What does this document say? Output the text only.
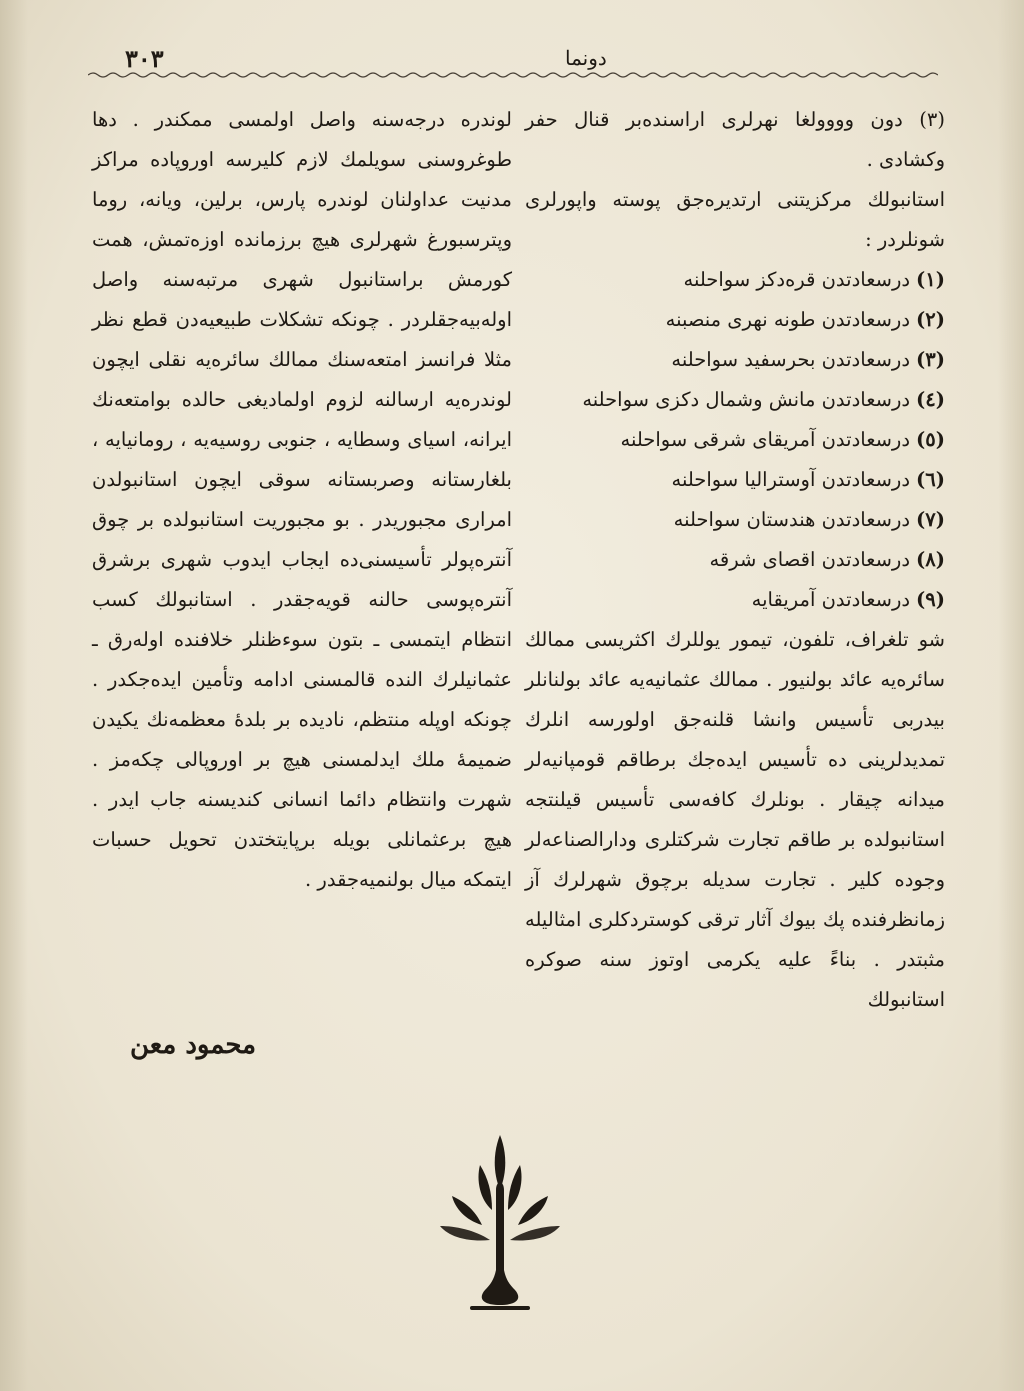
٣٠٣	دونما

(٣) دون وووولغا نهرلری اراسنده‌بر قنال حفر وكشادی .

استانبولك مركزيتنی ارتديره‌جق پوسته واپورلری شونلردر :

(١)درسعادتدن قره‌دكز سواحلنه

(٢)درسعادتدن طونه نهری منصبنه

(٣)درسعادتدن بحرسفيد سواحلنه

(٤)درسعادتدن مانش وشمال دكزی سواحلنه

(٥)درسعادتدن آمريقای شرقی سواحلنه

(٦)درسعادتدن آوستراليا سواحلنه

(٧)درسعادتدن هندستان سواحلنه

(٨)درسعادتدن اقصای شرقه

(٩)درسعادتدن آمريقايه

شو تلغراف، تلفون، تيمور يوللرك اكثريسی ممالك سائره‌يه عائد بولنيور . ممالك عثمانيه‌يه عائد بولنانلر بيدربی تأسيس وانشا قلنه‌جق اولورسه انلرك تمديدلرينی ده تأسيس ايده‌جك برطاقم قومپانيه‌لر ميدانه چيقار . بونلرك كافه‌سی تأسيس قيلنتجه استانبولده بر طاقم تجارت شركتلری ودارالصناعه‌لر وجوده كلير . تجارت سديله برچوق شهرلرك آز زمانظرفنده پك بيوك آثار ترقی كوستردكلری امثاليله مثبتدر . بناءً عليه يكرمی اوتوز سنه صوكره استانبولك

لوندره درجه‌سنه واصل اولمسی ممكندر . دها طوغروسنی سويلمك لازم كليرسه اوروپاده مراكز مدنيت عداولنان لوندره پارس، برلين، ويانه، روما وپترسبورغ شهرلری هيچ برزمانده اوزه‌تمش، همت كورمش براستانبول شهری مرتبه‌سنه واصل اوله‌بيه‌جقلردر . چونكه تشكلات طبيعيه‌دن قطع نظر مثلا فرانسز امتعه‌سنك ممالك سائره‌يه نقلی ايچون لوندره‌يه ارسالنه لزوم اولماديغی حالده بوامتعه‌نك ايرانه، اسيای وسطايه ، جنوبی روسيه‌يه ، رومانيايه ، بلغارستانه وصربستانه سوقی ايچون استانبولدن امراری مجبوريدر . بو مجبوريت استانبولده بر چوق آنتره‌پولر تأسيسنی‌ده ايجاب ايدوب شهری برشرق آنتره‌پوسی حالنه قويه‌جقدر . استانبولك كسب انتظام ايتمسی ـ بتون سوءظنلر خلافنده اوله‌رق ـ عثمانيلرك النده قالمسنی ادامه وتأمين ايده‌جكدر . چونكه اوپله منتظم، ناديده بر بلدهٔ معظمه‌نك يكيدن ضميمهٔ ملك ايدلمسنی هيچ بر اوروپالی چكه‌مز . شهرت وانتظام دائما انسانی كنديسنه جاب ايدر . هيچ برعثمانلی بويله برپايتختدن تحويل حسبات ايتمكه ميال بولنميه‌جقدر .

محمود معن
